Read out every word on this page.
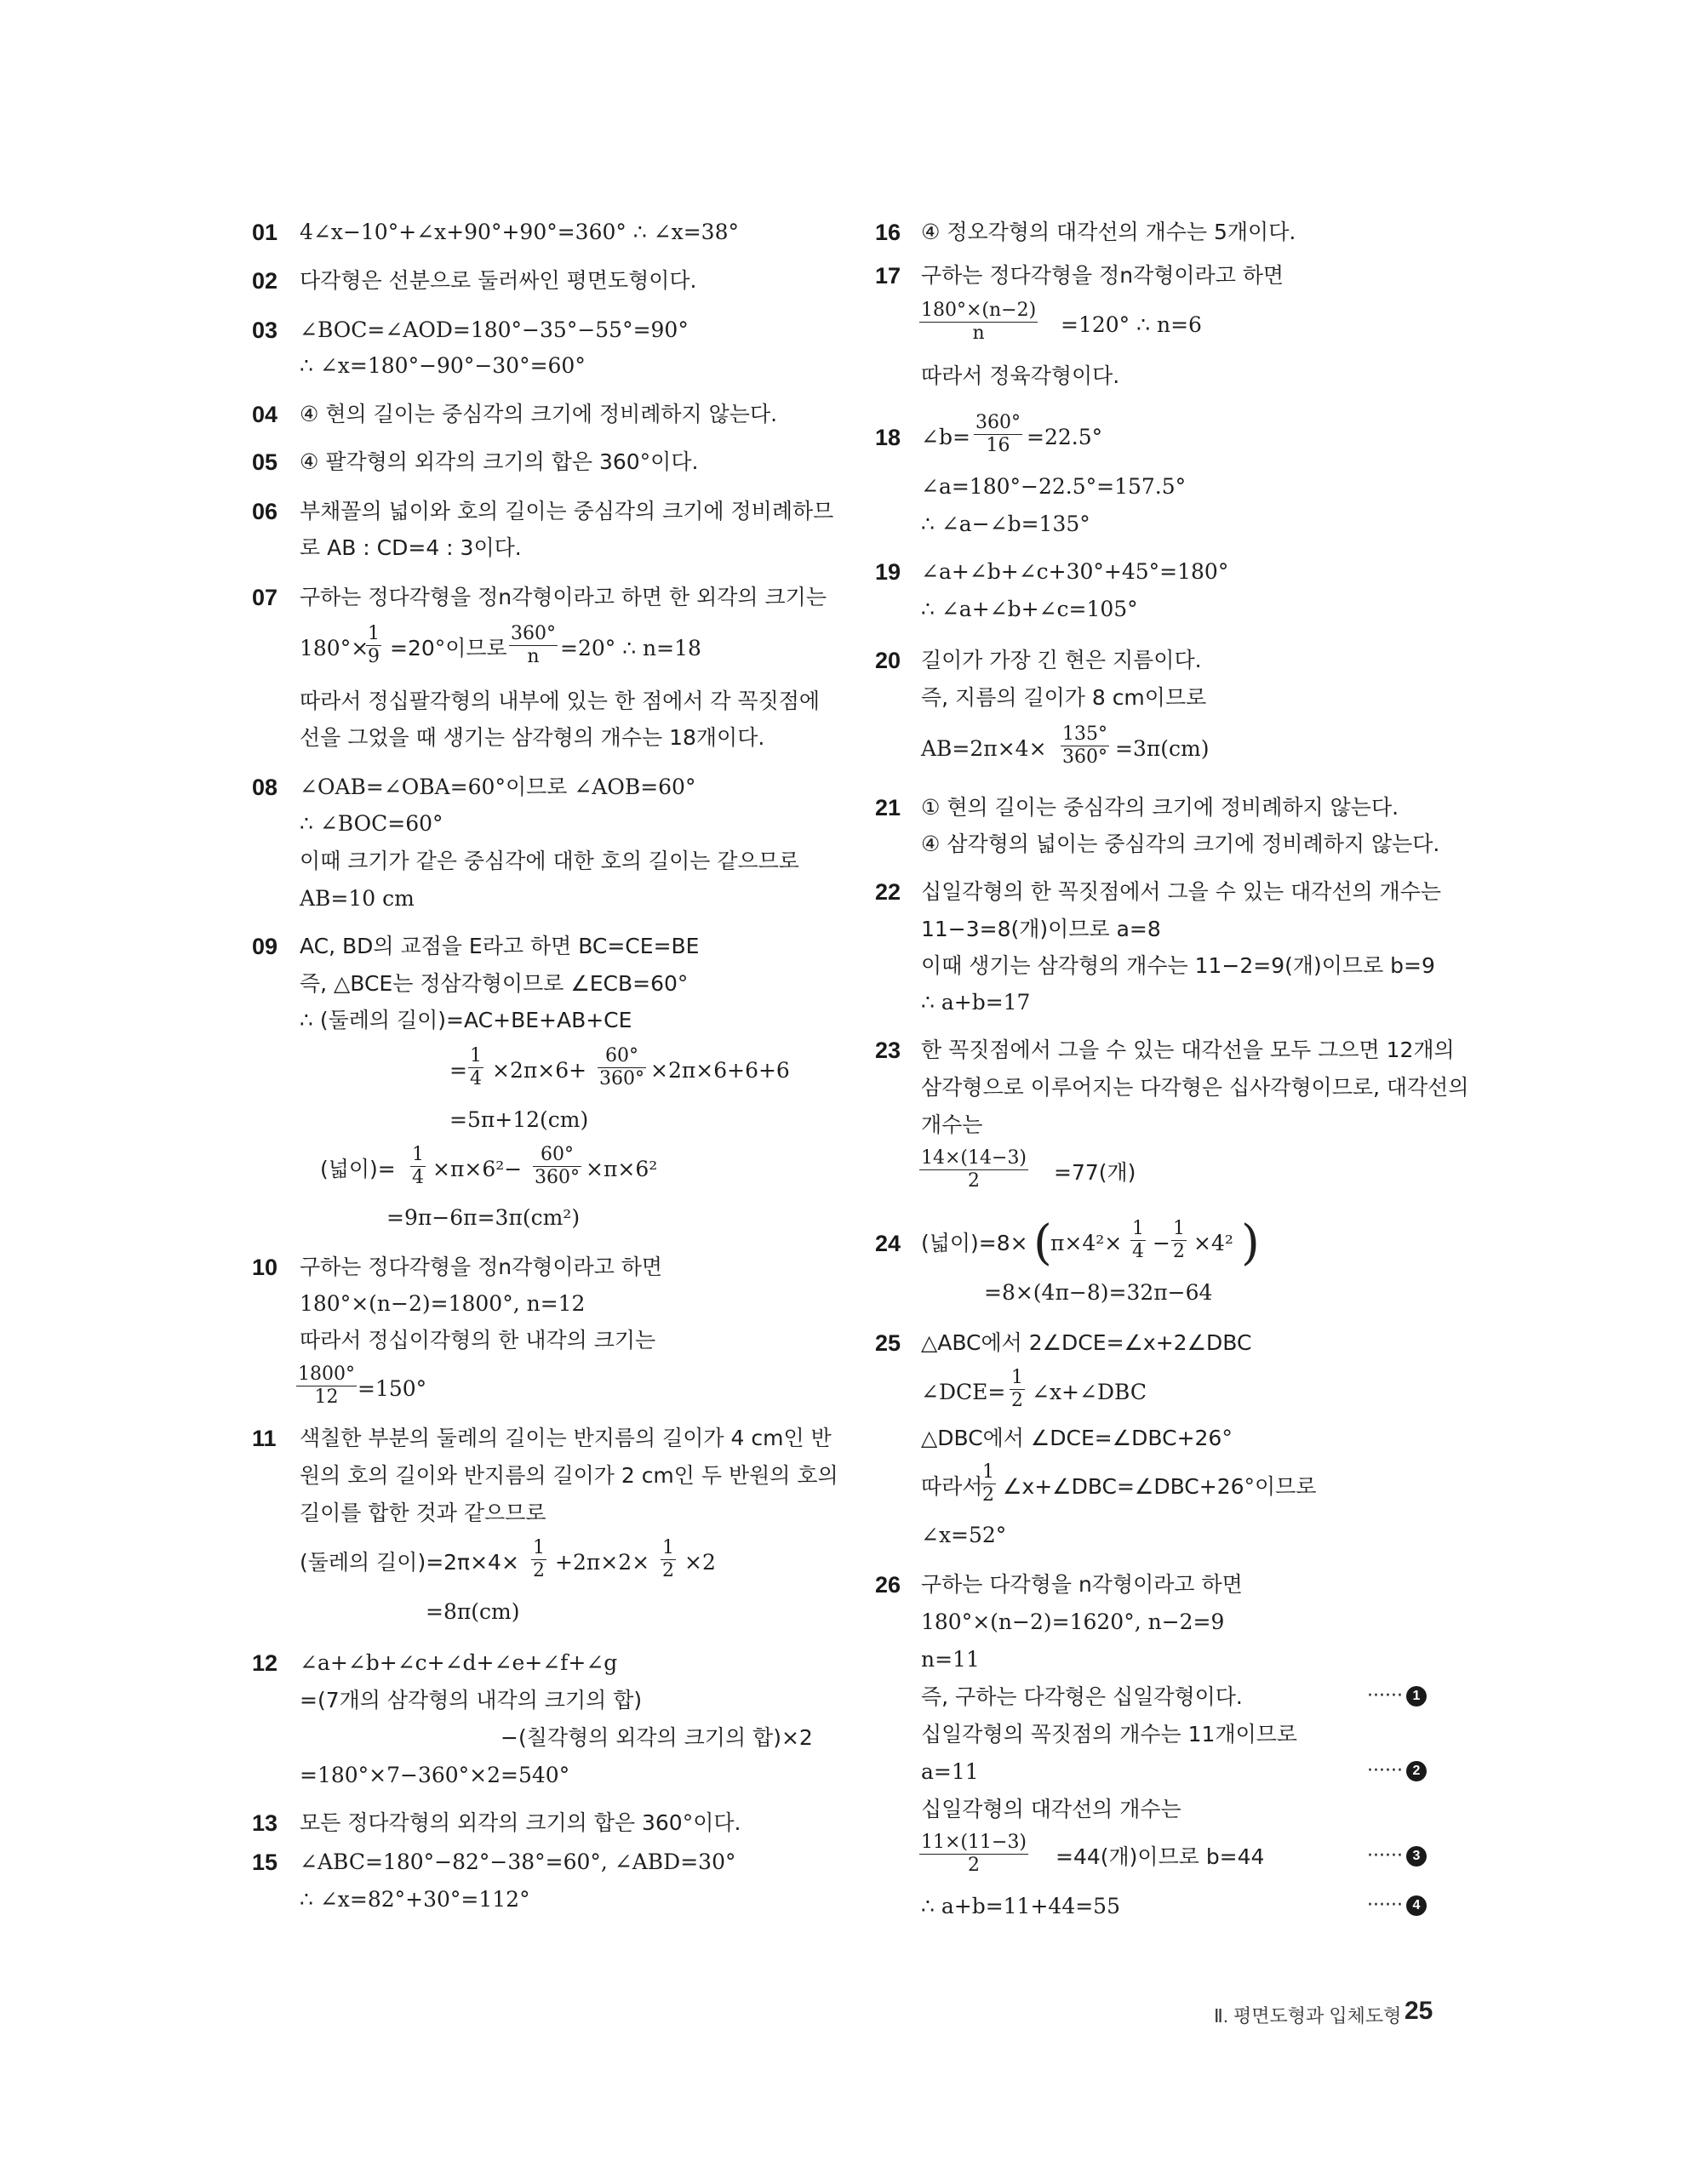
01 4∠x−10°+∠x+90°+90°=360° ∴ ∠x=38°
02 다각형은 선분으로 둘러싸인 평면도형이다.
03 ∠BOC=∠AOD=180°−35°−55°=90°
∴ ∠x=180°−90°−30°=60°
04 ④ 현의 길이는 중심각의 크기에 정비례하지 않는다.
05 ④ 팔각형의 외각의 크기의 합은 360°이다.
06 부채꼴의 넓이와 호의 길이는 중심각의 크기에 정비례하므
로 AB : CD=4 : 3이다.
07 구하는 정다각형을 정n각형이라고 하면 한 외각의 크기는
180°×
$\frac{1}{9} =20^\circ$이므로 $\frac{360^\circ}{n} =20^\circ$ ∴ n=18
따라서 정십팔각형의 내부에 있는 한 점에서 각 꼭짓점에
선을 그었을 때 생기는 삼각형의 개수는 18개이다.
08 ∠OAB=∠OBA=60°이므로 ∠AOB=60°
∴ ∠BOC=60°
이때 크기가 같은 중심각에 대한 호의 길이는 같으므로
AB=10 cm
09 AC, BD의 교점을 E라고 하면 BC=CE=BE
즉, △BCE는 정삼각형이므로 ∠ECB=60°
∴ (둘레의 길이)=AC+BE+AB+CE
= $\frac{1}{4} \times 2\pi\times 6+ \frac{60^\circ}{360^\circ} \times 2\pi\times 6+6+6$
=5π+12(cm)
(넓이)= $\frac{1}{4} \times\pi\times 6^2- \frac{60^\circ}{360^\circ} \times\pi\times 6^2$
=9π−6π=3π(cm²)
10 구하는 정다각형을 정n각형이라고 하면
180°×(n−2)=1800°, n=12
따라서 정십이각형의 한 내각의 크기는
$\frac{1800^\circ}{12} =150^\circ$
11 색칠한 부분의 둘레의 길이는 반지름의 길이가 4 cm인 반
원의 호의 길이와 반지름의 길이가 2 cm인 두 반원의 호의
길이를 합한 것과 같으므로
(둘레의 길이)$=2\pi\times 4\times \frac{1}{2} +2\pi\times 2\times \frac{1}{2} \times 2$
=8π(cm)
12 ∠a+∠b+∠c+∠d+∠e+∠f+∠g
=(7개의 삼각형의 내각의 크기의 합)
−(칠각형의 외각의 크기의 합)×2
=180°×7−360°×2=540°
13 모든 정다각형의 외각의 크기의 합은 360°이다.
15 ∠ABC=180°−82°−38°=60°, ∠ABD=30°
∴ ∠x=82°+30°=112°
16 ④ 정오각형의 대각선의 개수는 5개이다.
17 구하는 정다각형을 정n각형이라고 하면
$\frac{180^\circ\times(n-2)}{n} =120^\circ$ ∴ n=6
따라서 정육각형이다.
18 ∠b= $\frac{360^\circ}{16} =22.5^\circ$
∠a=180°−22.5°=157.5°
∴ ∠a−∠b=135°
19 ∠a+∠b+∠c+30°+45°=180°
∴ ∠a+∠b+∠c=105°
20 길이가 가장 긴 현은 지름이다.
즉, 지름의 길이가 8 cm이므로
$AB=2\pi\times 4\times \frac{135^\circ}{360^\circ} =3\pi(cm)$
21 ① 현의 길이는 중심각의 크기에 정비례하지 않는다.
④ 삼각형의 넓이는 중심각의 크기에 정비례하지 않는다.
22 십일각형의 한 꼭짓점에서 그을 수 있는 대각선의 개수는
11−3=8(개)이므로 a=8
이때 생기는 삼각형의 개수는 11−2=9(개)이므로 b=9
∴ a+b=17
23 한 꼭짓점에서 그을 수 있는 대각선을 모두 그으면 12개의
삼각형으로 이루어지는 다각형은 십사각형이므로, 대각선의
개수는
$\frac{14\times(14-3)}{2} =77$(개)
24 (넓이)=8× (
$\pi\times 4^2\times \frac{1}{4} - \frac{1}{2} \times 4^2$ )
=8×(4π−8)=32π−64
25 △ABC에서 2∠DCE=∠x+2∠DBC
∠DCE= $\frac{1}{2}$ ∠x+∠DBC
△DBC에서 ∠DCE=∠DBC+26°
따라서
$\frac{1}{2}$ ∠x+∠DBC=∠DBC+26°이므로
∠x=52°
26 구하는 다각형을 n각형이라고 하면
180°×(n−2)=1620°, n−2=9
n=11
즉, 구하는 다각형은 십일각형이다.	······ 1
십일각형의 꼭짓점의 개수는 11개이므로
a=11	······ 2
십일각형의 대각선의 개수는
$\frac{11\times(11-3)}{2} =44$(개)이므로 b=44	······ 3
∴ a+b=11+44=55	······ 4
Ⅱ. 평면도형과 입체도형 25
